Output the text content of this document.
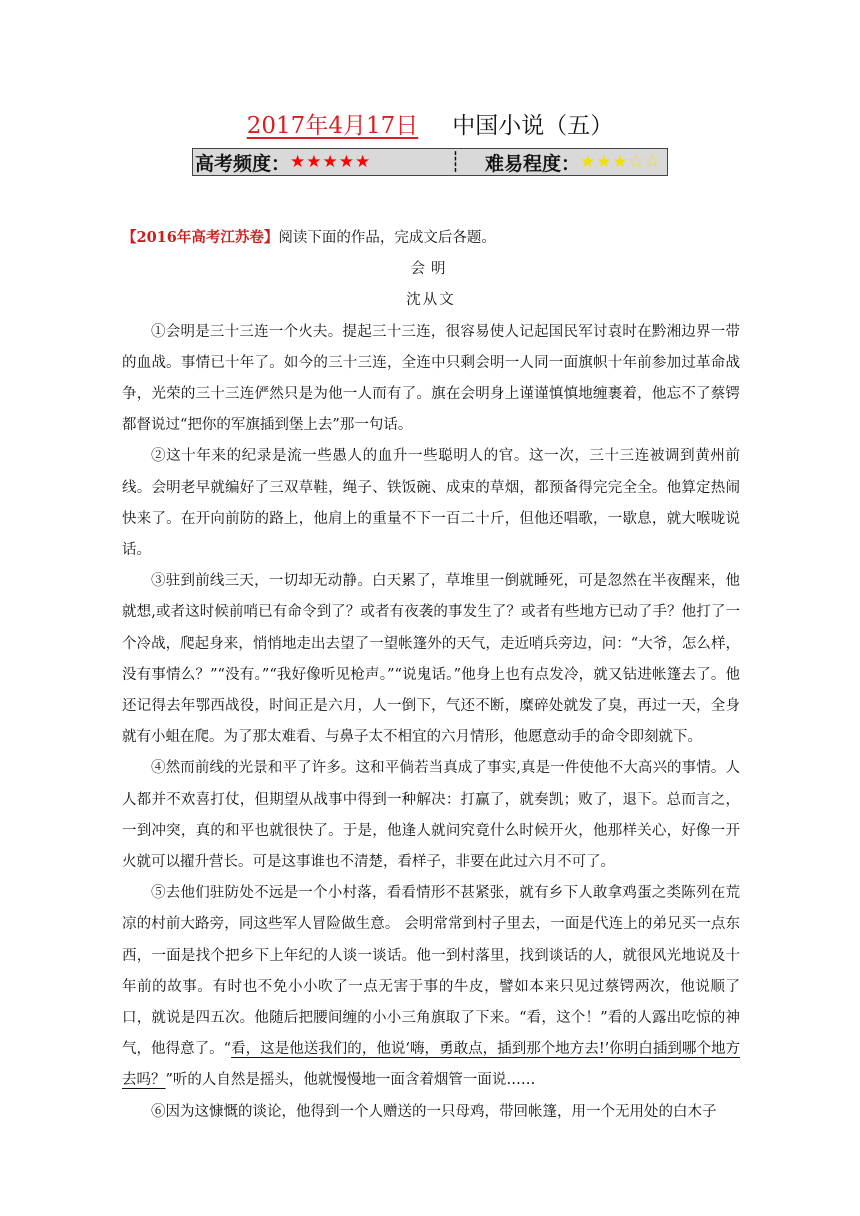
2017年4月17日 中国小说（五）
高考频度： ★★★★★	┊	难易程度： ★★★ ☆☆

【2016年高考江苏卷】阅读下面的作品，完成文后各题。

会明

沈从文

①会明是三十三连一个火夫。提起三十三连，很容易使人记起国民军讨袁时在黔湘边界一带的血战。事情已十年了。如今的三十三连，全连中只剩会明一人同一面旗帜十年前参加过革命战争，光荣的三十三连俨然只是为他一人而有了。旗在会明身上谨谨慎慎地缠裹着，他忘不了蔡锷都督说过“把你的军旗插到堡上去”那一句话。

②这十年来的纪录是流一些愚人的血升一些聪明人的官。这一次，三十三连被调到黄州前线。会明老早就编好了三双草鞋，绳子、铁饭碗、成束的草烟，都预备得完完全全。他算定热闹快来了。在开向前防的路上，他肩上的重量不下一百二十斤，但他还唱歌，一歇息，就大喉咙说话。

③驻到前线三天，一切却无动静。白天累了，草堆里一倒就睡死，可是忽然在半夜醒来，他就想,或者这时候前哨已有命令到了？或者有夜袭的事发生了？或者有些地方已动了手？他打了一个冷战，爬起身来，悄悄地走出去望了一望帐篷外的天气，走近哨兵旁边，问：“大爷，怎么样，没有事情么？”“没有。”“我好像听见枪声。”“说鬼话。”他身上也有点发冷，就又钻进帐篷去了。他还记得去年鄂西战役，时间正是六月，人一倒下，气还不断，糜碎处就发了臭，再过一天，全身就有小蛆在爬。为了那太难看、与鼻子太不相宜的六月情形，他愿意动手的命令即刻就下。

④然而前线的光景和平了许多。这和平倘若当真成了事实,真是一件使他不大高兴的事情。人人都并不欢喜打仗，但期望从战事中得到一种解决：打赢了，就奏凯；败了，退下。总而言之，一到冲突，真的和平也就很快了。于是，他逢人就问究竟什么时候开火，他那样关心，好像一开火就可以擢升营长。可是这事谁也不清楚，看样子，非要在此过六月不可了。

⑤去他们驻防处不远是一个小村落，看看情形不甚紧张，就有乡下人敢拿鸡蛋之类陈列在荒凉的村前大路旁，同这些军人冒险做生意。 会明常常到村子里去，一面是代连上的弟兄买一点东西，一面是找个把乡下上年纪的人谈一谈话。他一到村落里，找到谈话的人，就很风光地说及十年前的故事。有时也不免小小吹了一点无害于事的牛皮，譬如本来只见过蔡锷两次，他说顺了口，就说是四五次。他随后把腰间缠的小小三角旗取了下来。“看，这个！”看的人露出吃惊的神气，他得意了。“看，这是他送我们的，他说‘嗨，勇敢点，插到那个地方去!’你明白插到哪个地方去吗？”听的人自然是摇头，他就慢慢地一面含着烟管一面说……

⑥因为这慷慨的谈论，他得到一个人赠送的一只母鸡，带回帐篷，用一个无用处的白木子
